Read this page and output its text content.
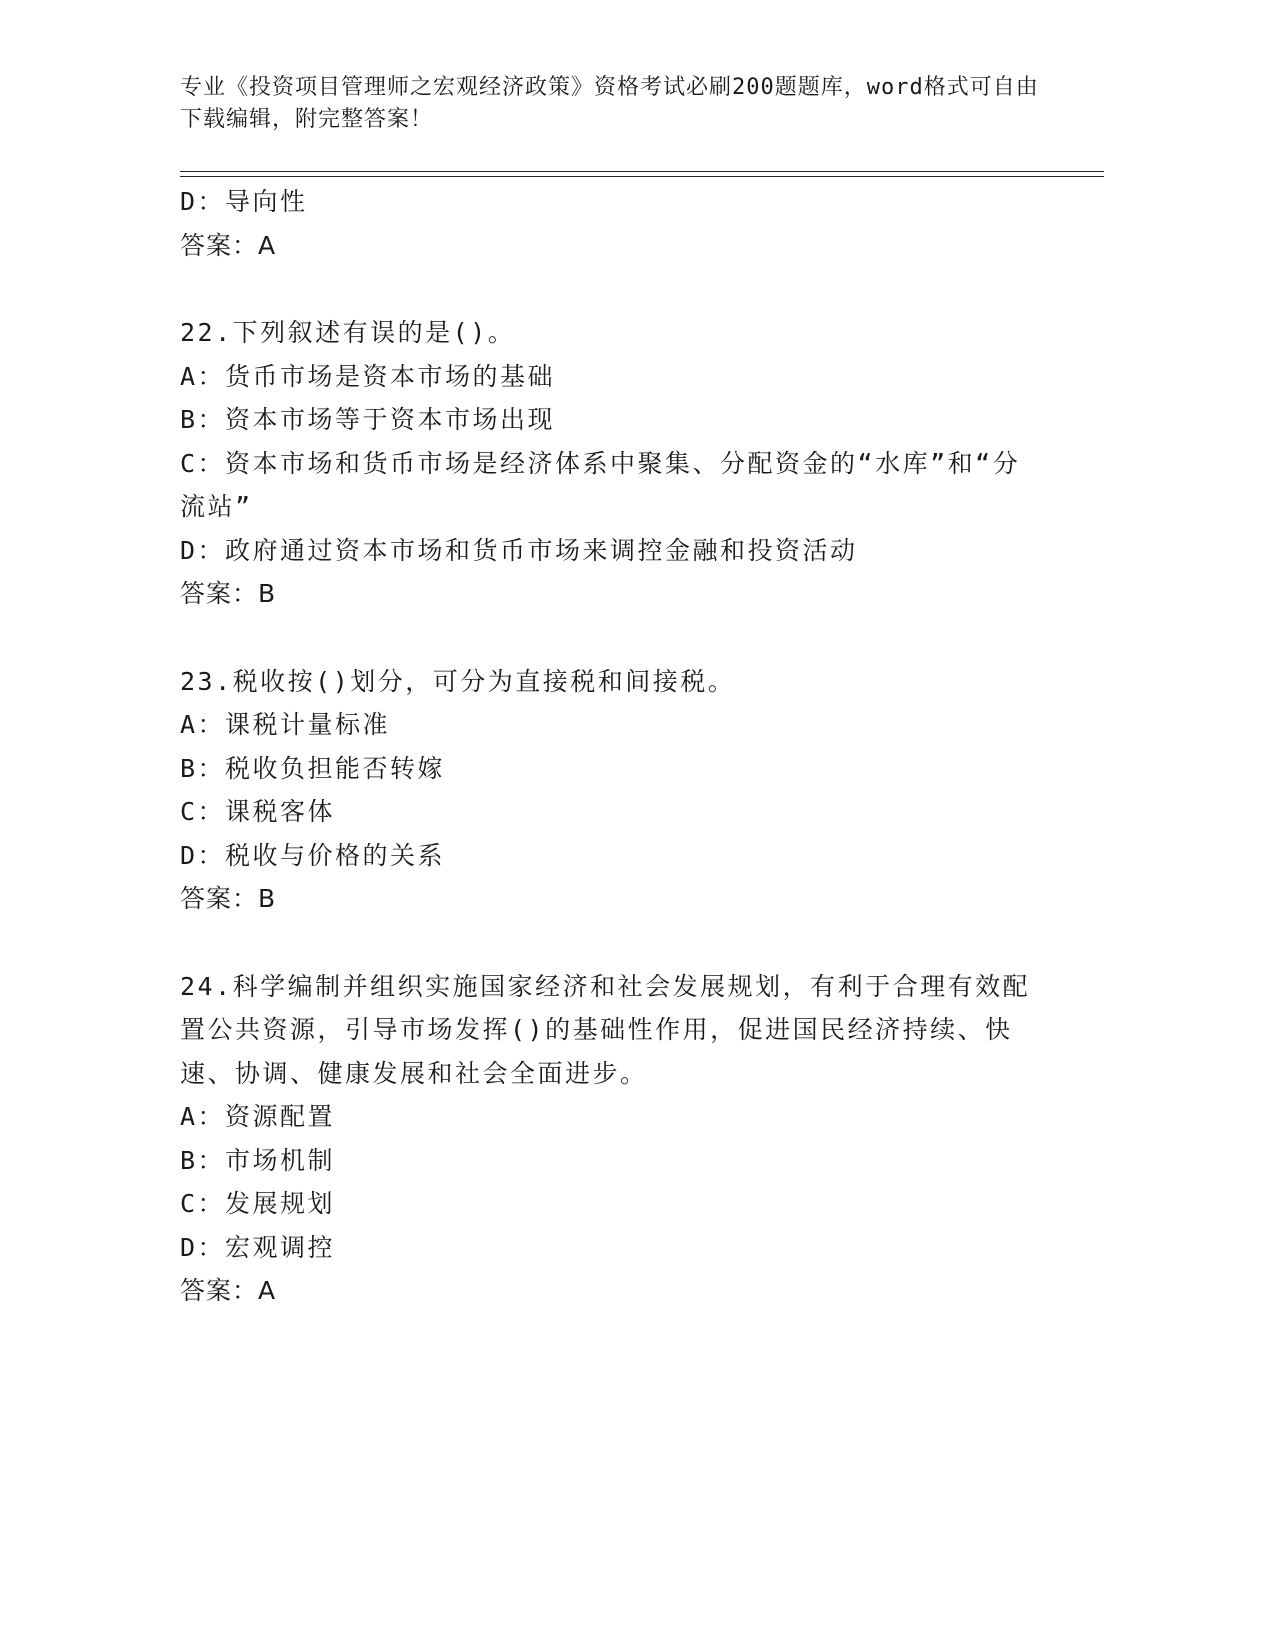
专业《投资项目管理师之宏观经济政策》资格考试必刷200题题库，word格式可自由下载编辑，附完整答案！

D：导向性

答案：A

22.下列叙述有误的是()。

A：货币市场是资本市场的基础

B：资本市场等于资本市场出现

C：资本市场和货币市场是经济体系中聚集、分配资金的“水库”和“分流站”

D：政府通过资本市场和货币市场来调控金融和投资活动

答案：B

23.税收按()划分，可分为直接税和间接税。

A：课税计量标准

B：税收负担能否转嫁

C：课税客体

D：税收与价格的关系

答案：B

24.科学编制并组织实施国家经济和社会发展规划，有利于合理有效配置公共资源，引导市场发挥()的基础性作用，促进国民经济持续、快速、协调、健康发展和社会全面进步。

A：资源配置

B：市场机制

C：发展规划

D：宏观调控

答案：A
